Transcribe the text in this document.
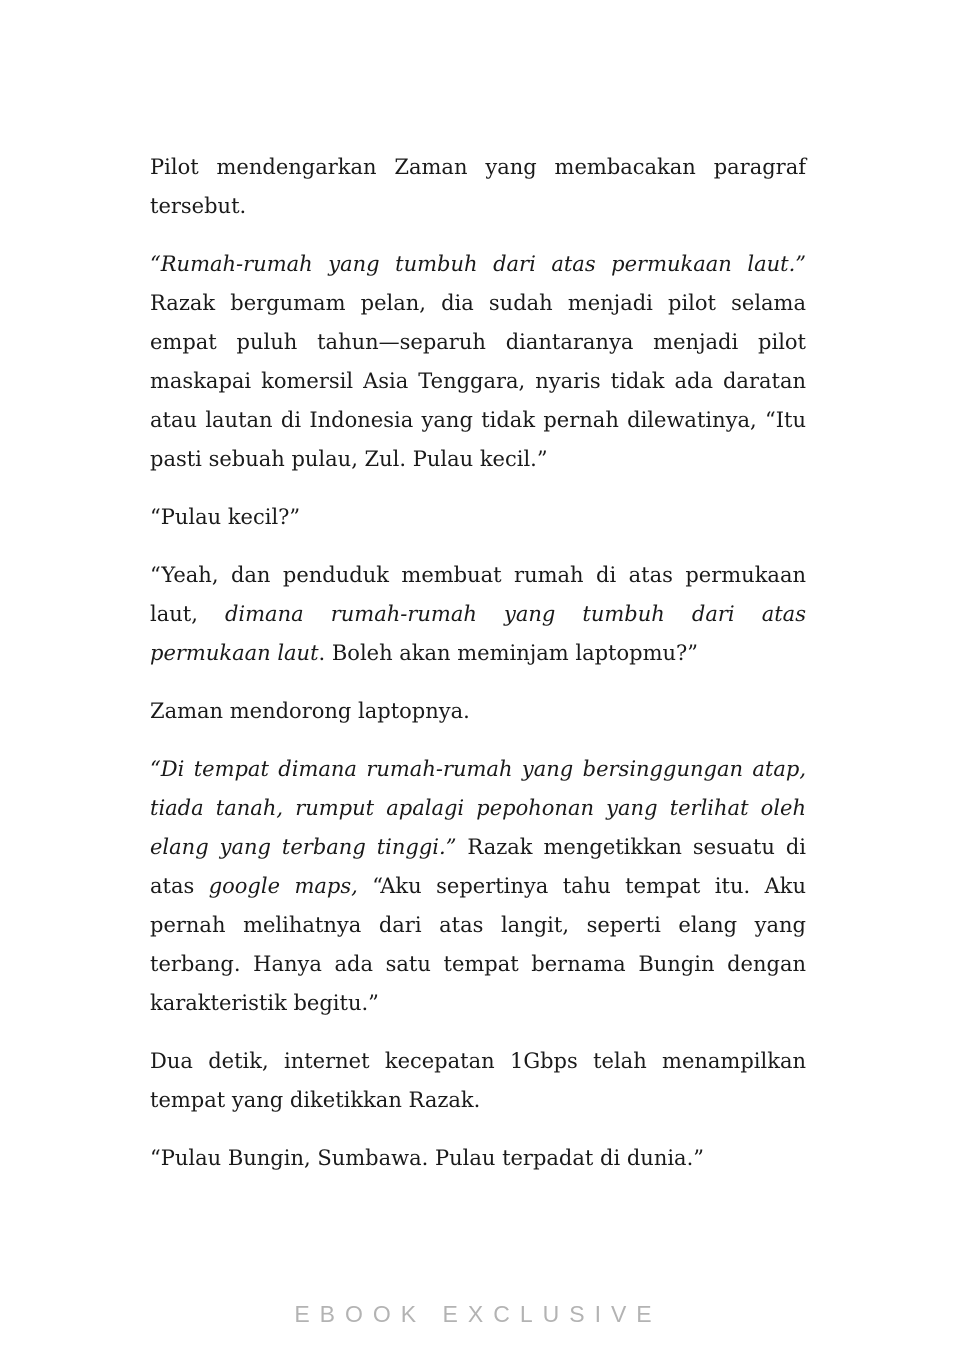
Pilot mendengarkan Zaman yang membacakan paragraf tersebut.

“Rumah-rumah yang tumbuh dari atas permukaan laut.” Razak bergumam pelan, dia sudah menjadi pilot selama empat puluh tahun—separuh diantaranya menjadi pilot maskapai komersil Asia Tenggara, nyaris tidak ada daratan atau lautan di Indonesia yang tidak pernah dilewatinya, “Itu pasti sebuah pulau, Zul. Pulau kecil.”

“Pulau kecil?”

“Yeah, dan penduduk membuat rumah di atas permukaan laut, dimana rumah-rumah yang tumbuh dari atas permukaan laut. Boleh akan meminjam laptopmu?”

Zaman mendorong laptopnya.

“Di tempat dimana rumah-rumah yang bersinggungan atap, tiada tanah, rumput apalagi pepohonan yang terlihat oleh elang yang terbang tinggi.” Razak mengetikkan sesuatu di atas google maps, “Aku sepertinya tahu tempat itu. Aku pernah melihatnya dari atas langit, seperti elang yang terbang. Hanya ada satu tempat bernama Bungin dengan karakteristik begitu.”

Dua detik, internet kecepatan 1Gbps telah menampilkan tempat yang diketikkan Razak.

“Pulau Bungin, Sumbawa. Pulau terpadat di dunia.”

EBOOK EXCLUSIVE
